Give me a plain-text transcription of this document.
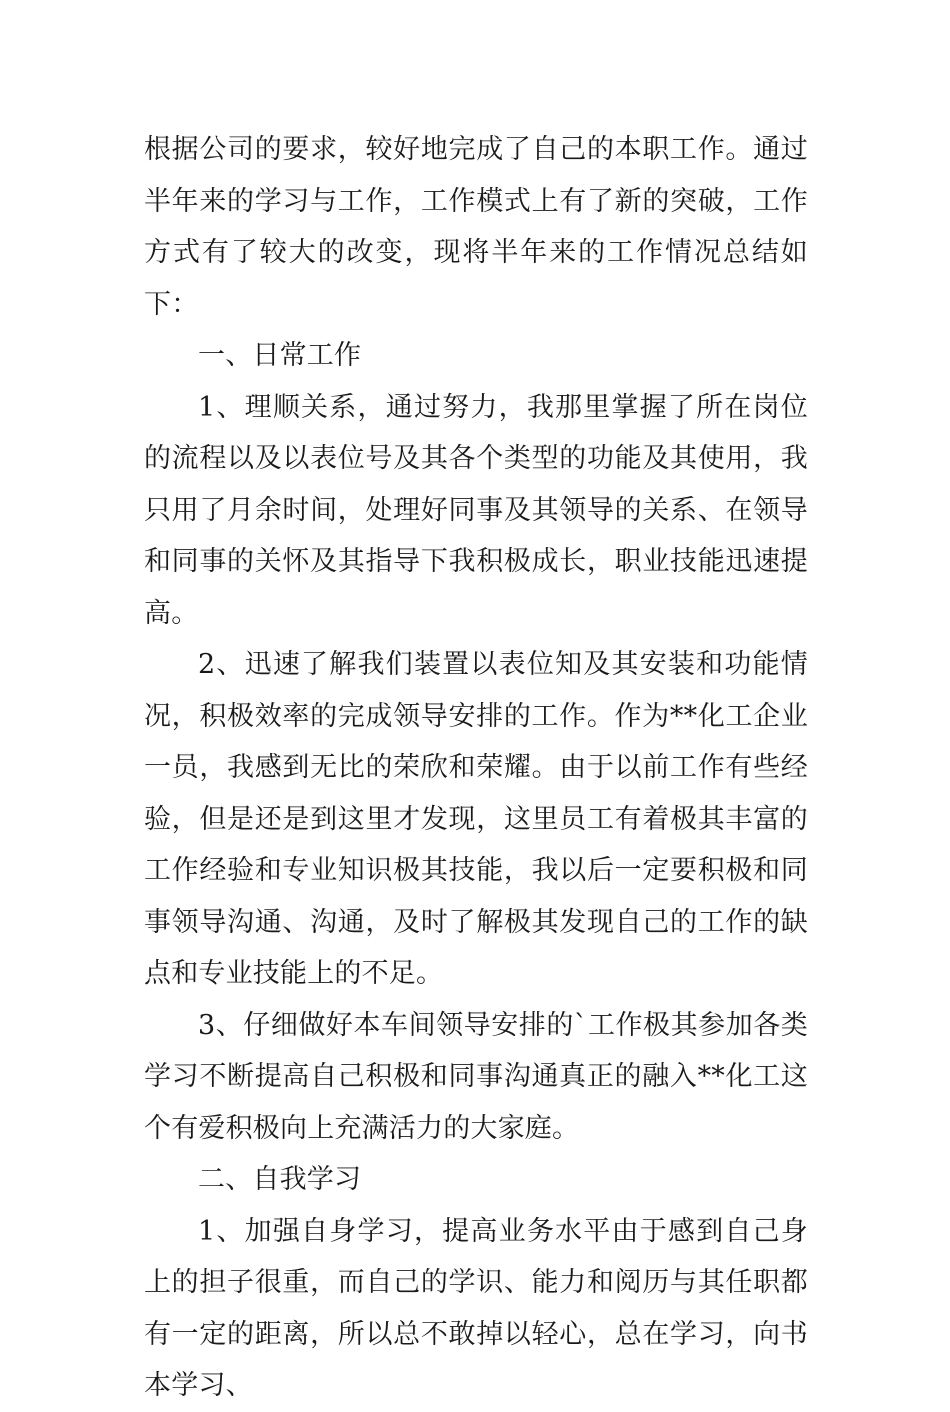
根据公司的要求，较好地完成了自己的本职工作。通过半年来的学习与工作，工作模式上有了新的突破，工作方式有了较大的改变，现将半年来的工作情况总结如下：

一、日常工作

1、理顺关系，通过努力，我那里掌握了所在岗位的流程以及以表位号及其各个类型的功能及其使用，我只用了月余时间，处理好同事及其领导的关系、在领导和同事的关怀及其指导下我积极成长，职业技能迅速提高。

2、迅速了解我们装置以表位知及其安装和功能情况，积极效率的完成领导安排的工作。作为**化工企业一员，我感到无比的荣欣和荣耀。由于以前工作有些经验，但是还是到这里才发现，这里员工有着极其丰富的工作经验和专业知识极其技能，我以后一定要积极和同事领导沟通、沟通，及时了解极其发现自己的工作的缺点和专业技能上的不足。

3、仔细做好本车间领导安排的`工作极其参加各类学习不断提高自己积极和同事沟通真正的融入**化工这个有爱积极向上充满活力的大家庭。

二、自我学习

1、加强自身学习，提高业务水平由于感到自己身上的担子很重，而自己的学识、能力和阅历与其任职都有一定的距离，所以总不敢掉以轻心，总在学习，向书本学习、
